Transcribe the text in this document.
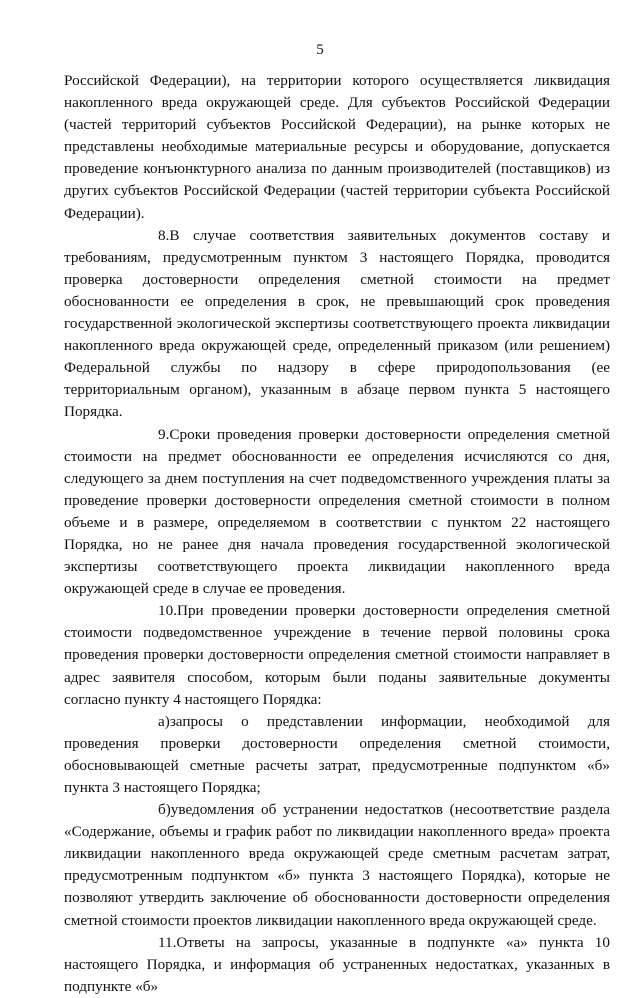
5

Российской Федерации), на территории которого осуществляется ликвидация накопленного вреда окружающей среде. Для субъектов Российской Федерации (частей территорий субъектов Российской Федерации), на рынке которых не представлены необходимые материальные ресурсы и оборудование, допускается проведение конъюнктурного анализа по данным производителей (поставщиков) из других субъектов Российской Федерации (частей территории субъекта Российской Федерации).

8.В случае соответствия заявительных документов составу и требованиям, предусмотренным пунктом 3 настоящего Порядка, проводится проверка достоверности определения сметной стоимости на предмет обоснованности ее определения в срок, не превышающий срок проведения государственной экологической экспертизы соответствующего проекта ликвидации накопленного вреда окружающей среде, определенный приказом (или решением) Федеральной службы по надзору в сфере природопользования (ее территориальным органом), указанным в абзаце первом пункта 5 настоящего Порядка.

9.Сроки проведения проверки достоверности определения сметной стоимости на предмет обоснованности ее определения исчисляются со дня, следующего за днем поступления на счет подведомственного учреждения платы за проведение проверки достоверности определения сметной стоимости в полном объеме и в размере, определяемом в соответствии с пунктом 22 настоящего Порядка, но не ранее дня начала проведения государственной экологической экспертизы соответствующего проекта ликвидации накопленного вреда окружающей среде в случае ее проведения.

10.При проведении проверки достоверности определения сметной стоимости подведомственное учреждение в течение первой половины срока проведения проверки достоверности определения сметной стоимости направляет в адрес заявителя способом, которым были поданы заявительные документы согласно пункту 4 настоящего Порядка:

а)запросы о представлении информации, необходимой для проведения проверки достоверности определения сметной стоимости, обосновывающей сметные расчеты затрат, предусмотренные подпунктом «б» пункта 3 настоящего Порядка;

б)уведомления об устранении недостатков (несоответствие раздела «Содержание, объемы и график работ по ликвидации накопленного вреда» проекта ликвидации накопленного вреда окружающей среде сметным расчетам затрат, предусмотренным подпунктом «б» пункта 3 настоящего Порядка), которые не позволяют утвердить заключение об обоснованности достоверности определения сметной стоимости проектов ликвидации накопленного вреда окружающей среде.

11.Ответы на запросы, указанные в подпункте «а» пункта 10 настоящего Порядка, и информация об устраненных недостатках, указанных в подпункте «б»
